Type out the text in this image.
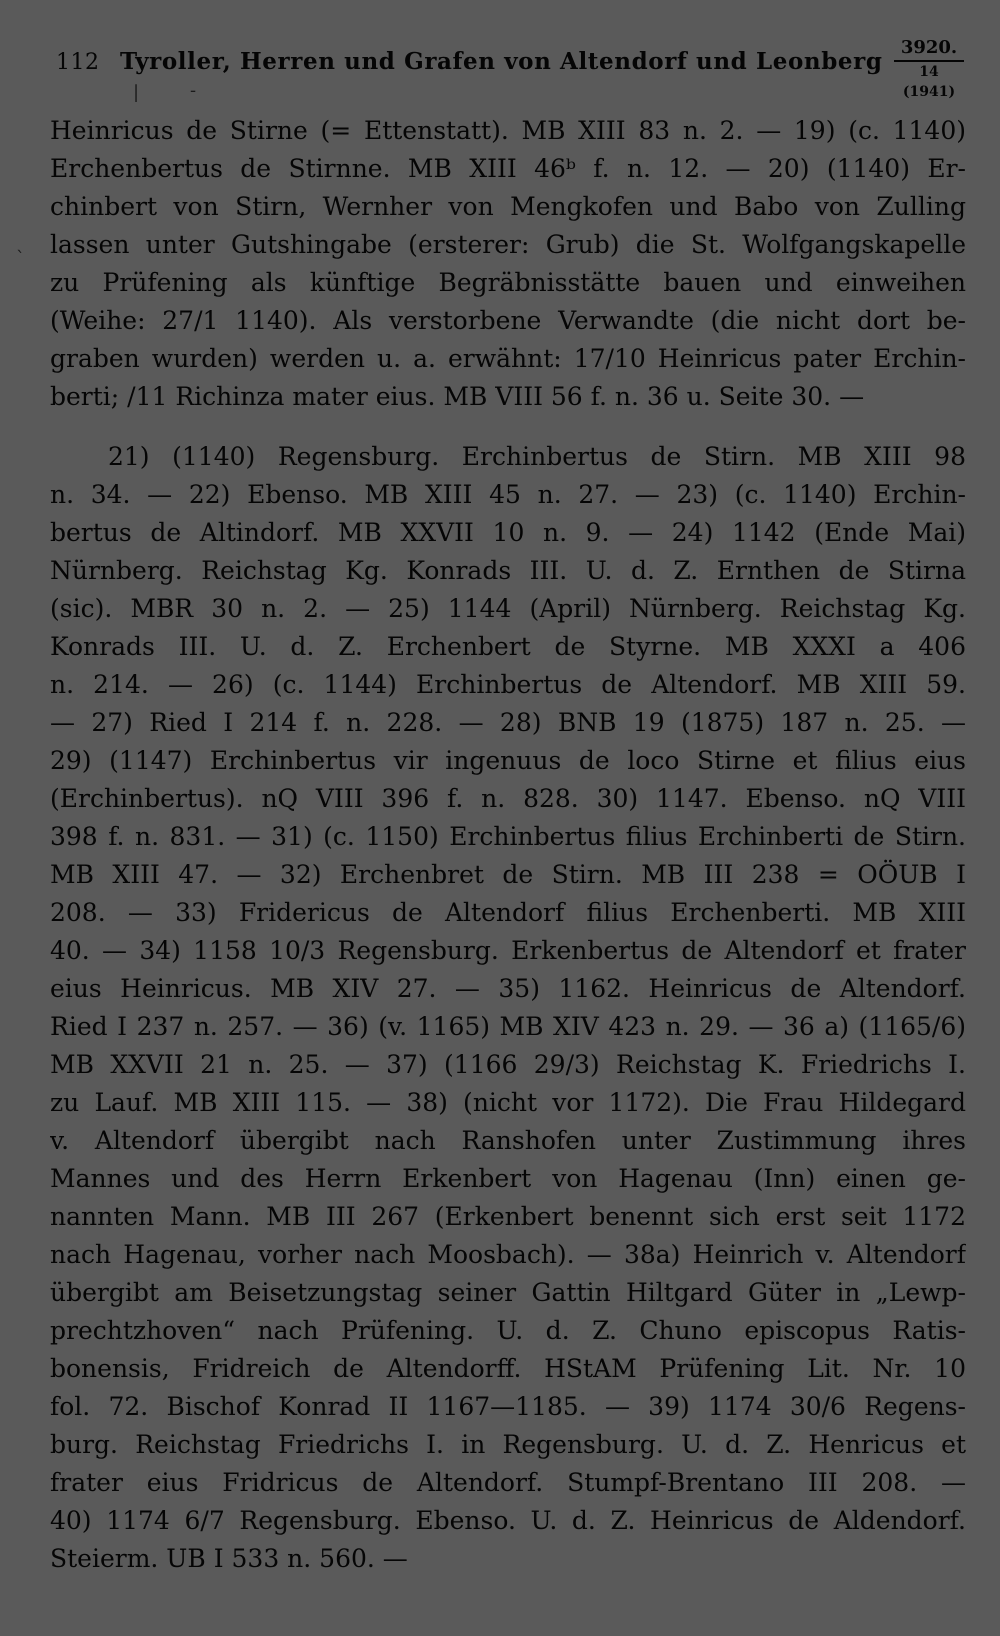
112 Tyroller, Herren und Grafen von Altendorf und Leonberg
3920.
14 (1941)
|	-
`
Heinricus de Stirne (= Ettenstatt). MB XIII 83 n. 2. — 19) (c. 1140)
Erchenbertus de Stirnne. MB XIII 46ᵇ f. n. 12. — 20) (1140) Er-
chinbert von Stirn, Wernher von Mengkofen und Babo von Zulling
lassen unter Gutshingabe (ersterer: Grub) die St. Wolfgangskapelle
zu Prüfening als künftige Begräbnisstätte bauen und einweihen
(Weihe: 27/1 1140). Als verstorbene Verwandte (die nicht dort be-
graben wurden) werden u. a. erwähnt: 17/10 Heinricus pater Erchin-
berti; /11 Richinza mater eius. MB VIII 56 f. n. 36 u. Seite 30. —
21) (1140) Regensburg. Erchinbertus de Stirn. MB XIII 98
n. 34. — 22) Ebenso. MB XIII 45 n. 27. — 23) (c. 1140) Erchin-
bertus de Altindorf. MB XXVII 10 n. 9. — 24) 1142 (Ende Mai)
Nürnberg. Reichstag Kg. Konrads III. U. d. Z. Ernthen de Stirna
(sic). MBR 30 n. 2. — 25) 1144 (April) Nürnberg. Reichstag Kg.
Konrads III. U. d. Z. Erchenbert de Styrne. MB XXXI a 406
n. 214. — 26) (c. 1144) Erchinbertus de Altendorf. MB XIII 59.
— 27) Ried I 214 f. n. 228. — 28) BNB 19 (1875) 187 n. 25. —
29) (1147) Erchinbertus vir ingenuus de loco Stirne et filius eius
(Erchinbertus). nQ VIII 396 f. n. 828. 30) 1147. Ebenso. nQ VIII
398 f. n. 831. — 31) (c. 1150) Erchinbertus filius Erchinberti de Stirn.
MB XIII 47. — 32) Erchenbret de Stirn. MB III 238 = OÖUB I
208. — 33) Fridericus de Altendorf filius Erchenberti. MB XIII
40. — 34) 1158 10/3 Regensburg. Erkenbertus de Altendorf et frater
eius Heinricus. MB XIV 27. — 35) 1162. Heinricus de Altendorf.
Ried I 237 n. 257. — 36) (v. 1165) MB XIV 423 n. 29. — 36 a) (1165/6)
MB XXVII 21 n. 25. — 37) (1166 29/3) Reichstag K. Friedrichs I.
zu Lauf. MB XIII 115. — 38) (nicht vor 1172). Die Frau Hildegard
v. Altendorf übergibt nach Ranshofen unter Zustimmung ihres
Mannes und des Herrn Erkenbert von Hagenau (Inn) einen ge-
nannten Mann. MB III 267 (Erkenbert benennt sich erst seit 1172
nach Hagenau, vorher nach Moosbach). — 38a) Heinrich v. Altendorf
übergibt am Beisetzungstag seiner Gattin Hiltgard Güter in „Lewp-
prechtzhoven“ nach Prüfening. U. d. Z. Chuno episcopus Ratis-
bonensis, Fridreich de Altendorff. HStAM Prüfening Lit. Nr. 10
fol. 72. Bischof Konrad II 1167—1185. — 39) 1174 30/6 Regens-
burg. Reichstag Friedrichs I. in Regensburg. U. d. Z. Henricus et
frater eius Fridricus de Altendorf. Stumpf-Brentano III 208. —
40) 1174 6/7 Regensburg. Ebenso. U. d. Z. Heinricus de Aldendorf.
Steierm. UB I 533 n. 560. —
